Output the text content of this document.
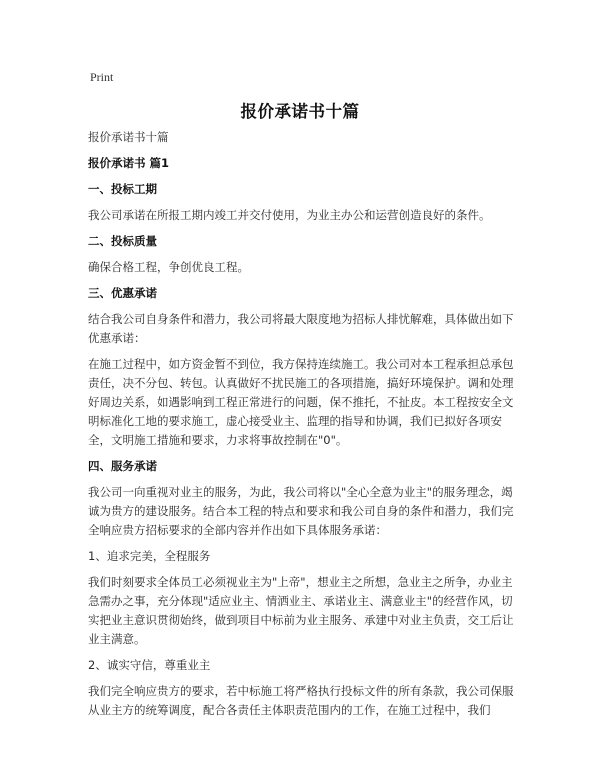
Print
报价承诺书十篇

报价承诺书十篇

报价承诺书 篇1

一、投标工期

我公司承诺在所报工期内竣工并交付使用，为业主办公和运营创造良好的条件。

二、投标质量

确保合格工程，争创优良工程。

三、优惠承诺

结合我公司自身条件和潜力，我公司将最大限度地为招标人排忧解难，具体做出如下优惠承诺：

在施工过程中，如方资金暂不到位，我方保持连续施工。我公司对本工程承担总承包责任，决不分包、转包。认真做好不扰民施工的各项措施，搞好环境保护。调和处理好周边关系，如遇影响到工程正常进行的问题，保不推托，不扯皮。本工程按安全文明标准化工地的要求施工，虚心接受业主、监理的指导和协调，我们已拟好各项安全，文明施工措施和要求，力求将事故控制在"0"。

四、服务承诺

我公司一向重视对业主的服务，为此，我公司将以"全心全意为业主"的服务理念，竭诚为贵方的建设服务。结合本工程的特点和要求和我公司自身的条件和潜力，我们完全响应贵方招标要求的全部内容并作出如下具体服务承诺：

1、追求完美，全程服务

我们时刻要求全体员工必须视业主为"上帝"，想业主之所想，急业主之所争，办业主急需办之事，充分体现"适应业主、情洒业主、承诺业主、满意业主"的经营作风，切实把业主意识贯彻始终，做到项目中标前为业主服务、承建中对业主负责，交工后让业主满意。

2、诚实守信，尊重业主

我们完全响应贵方的要求，若中标施工将严格执行投标文件的所有条款，我公司保服从业主方的统筹调度，配合各责任主体职责范围内的工作，在施工过程中，我们
